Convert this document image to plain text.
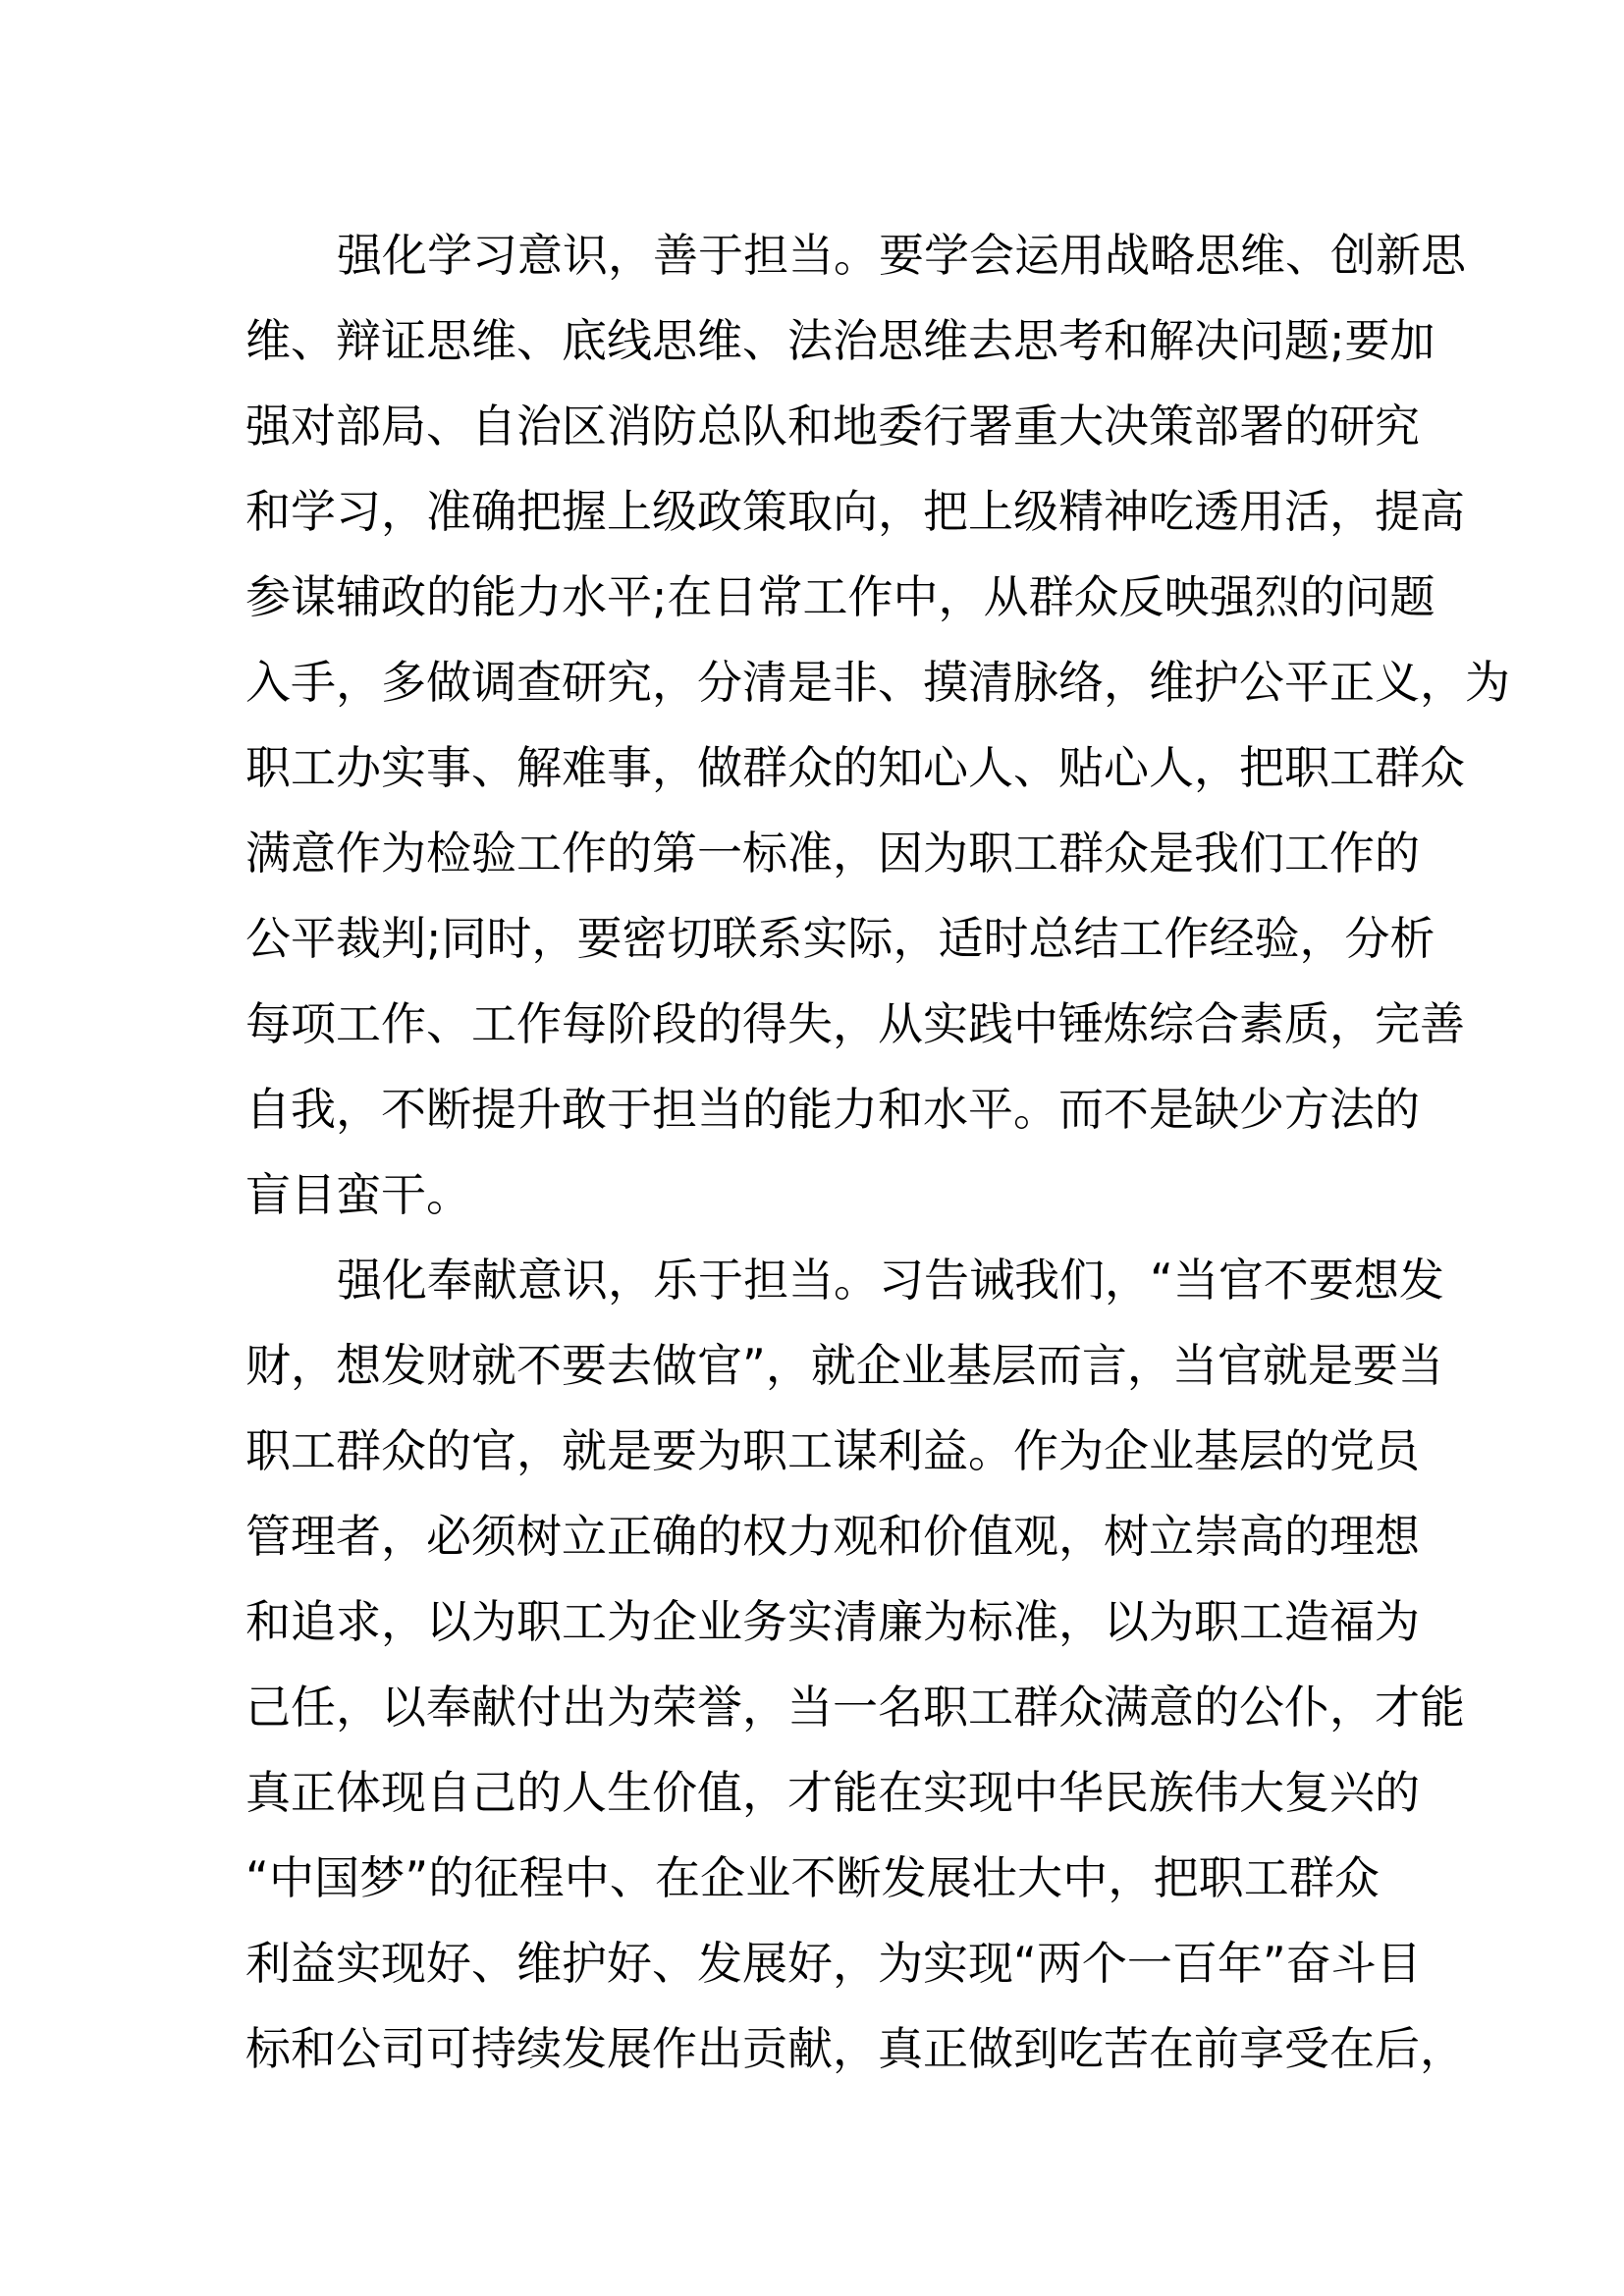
强化学习意识，善于担当。要学会运用战略思维、创新思
维、辩证思维、底线思维、法治思维去思考和解决问题;要加
强对部局、自治区消防总队和地委行署重大决策部署的研究
和学习，准确把握上级政策取向，把上级精神吃透用活，提高
参谋辅政的能力水平;在日常工作中，从群众反映强烈的问题
入手，多做调查研究，分清是非、摸清脉络，维护公平正义，为
职工办实事、解难事，做群众的知心人、贴心人，把职工群众
满意作为检验工作的第一标准，因为职工群众是我们工作的
公平裁判;同时，要密切联系实际，适时总结工作经验，分析
每项工作、工作每阶段的得失，从实践中锤炼综合素质，完善
自我，不断提升敢于担当的能力和水平。而不是缺少方法的
盲目蛮干。
强化奉献意识，乐于担当。习告诫我们，“当官不要想发
财，想发财就不要去做官”，就企业基层而言，当官就是要当
职工群众的官，就是要为职工谋利益。作为企业基层的党员
管理者，必须树立正确的权力观和价值观，树立崇高的理想
和追求，以为职工为企业务实清廉为标准，以为职工造福为
己任，以奉献付出为荣誉，当一名职工群众满意的公仆，才能
真正体现自己的人生价值，才能在实现中华民族伟大复兴的
“中国梦”的征程中、在企业不断发展壮大中，把职工群众
利益实现好、维护好、发展好，为实现“两个一百年”奋斗目
标和公司可持续发展作出贡献，真正做到吃苦在前享受在后，
